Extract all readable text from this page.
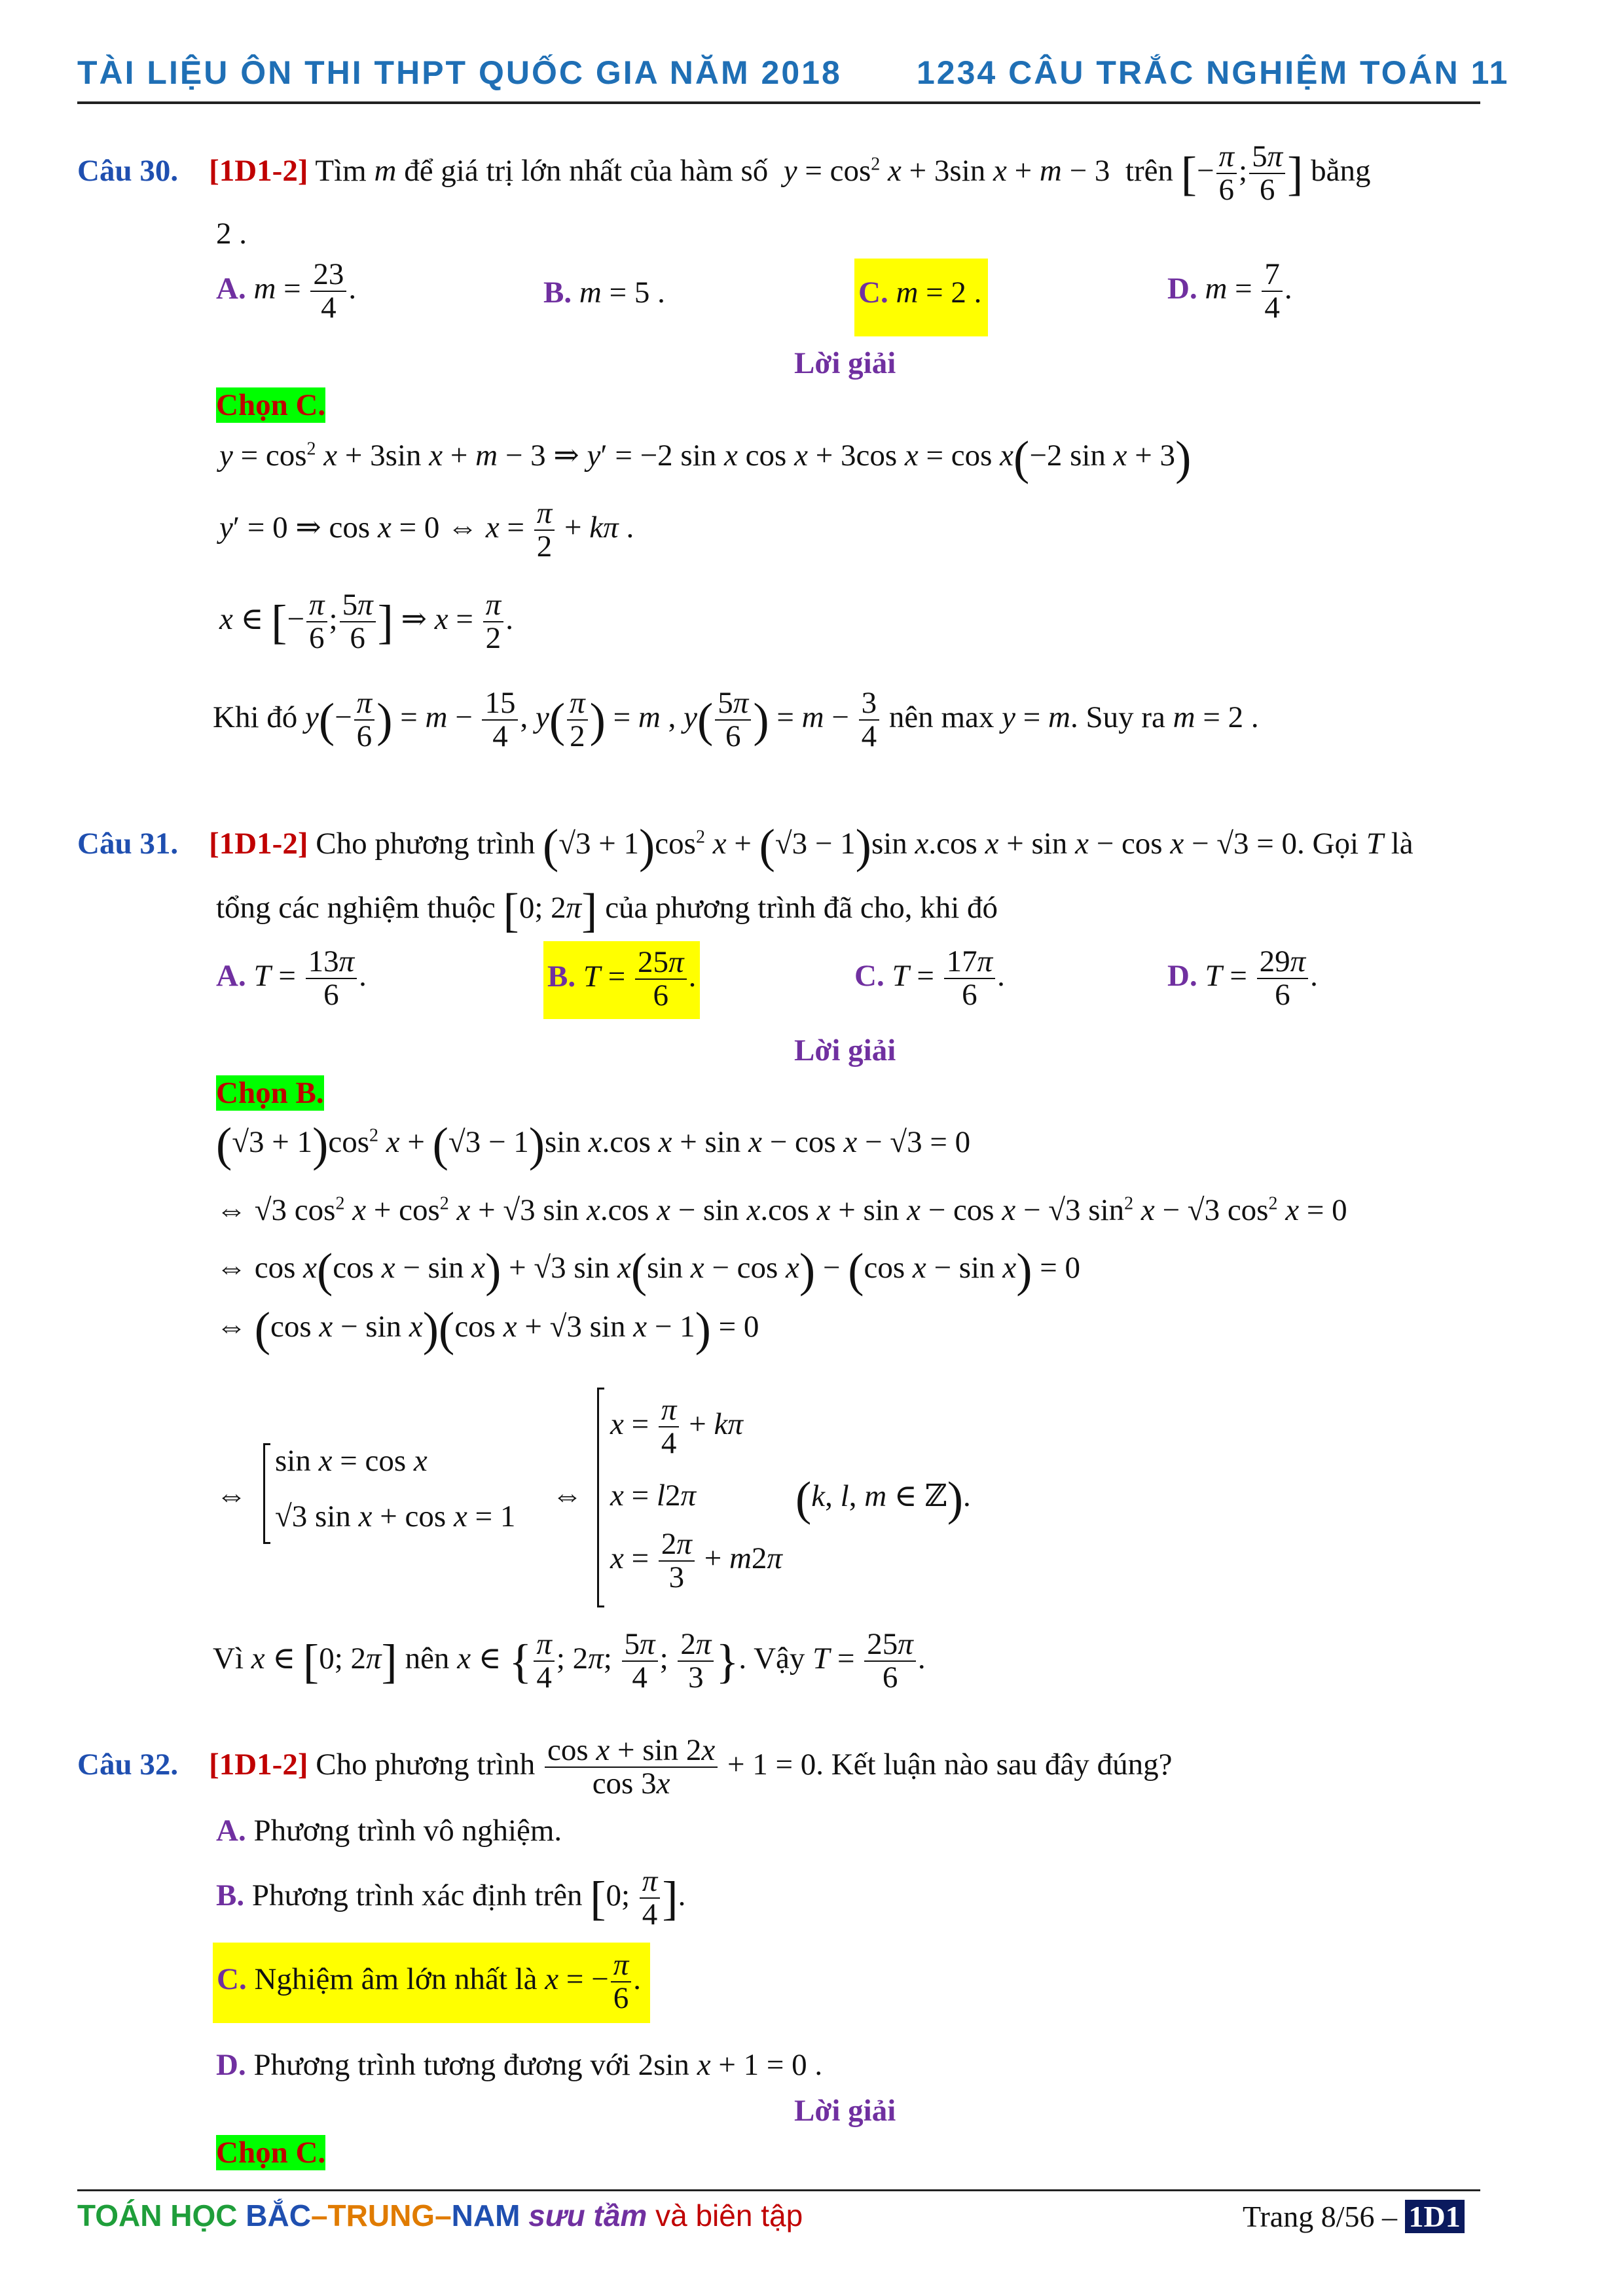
TÀI LIỆU ÔN THI THPT QUỐC GIA NĂM 2018 1234 CÂU TRẮC NGHIỆM TOÁN 11
Câu 30. [1D1-2] Tìm m để giá trị lớn nhất của hàm số $y = \cos^2 x + 3\sin$ x + m − 3  trên [− $\frac{\pi}{6}$ ; $\frac{5\pi}{6}$ ] bằng
2 .
A. $m = \frac{23}{4}$ .	B. m = 5 .	C. m = 2 .	D. $m = \frac{7}{4}$ .
Lời giải
Chọn C.
$y = \cos^2 x + 3\sin$ x + m − 3 ⇒ y′ = −2 sin x cos x + 3cos x = cos x(−2 sin x + 3)
y′ = 0 ⇒ cos x = 0 ⇔ $x = \frac{\pi}{2} + k\pi$ .
x ∈ [− $\frac{\pi}{6}$ ; $\frac{5\pi}{6}$ ] ⇒ $x = \frac{\pi}{2}$ .
Khi đó $y(- \frac{\pi}{6}$ ) = $m - \frac{15}{4}$ , $y( \frac{\pi}{2}$ ) = m , $y( \frac{5\pi}{6}$ ) = $m - \frac{3}{4}$ nên max y = m. Suy ra m = 2 .
Câu 31. [1D1-2] Cho phương trình $(√3 + 1)\cos^2$ x + (√3 − 1)sin x.cos x + sin x − cos x − √3 = 0. Gọi T là
tổng các nghiệm thuộc [0; 2π] của phương trình đã cho, khi đó
A. $T = \frac{13\pi}{6}$ .	B. $T = \frac{25\pi}{6}$ .	C. $T = \frac{17\pi}{6}$ .	D. $T = \frac{29\pi}{6}$ .
Lời giải
Chọn B.
$(√3 + 1)\cos^2$ x + (√3 − 1)sin x.cos x + sin x − cos x − √3 = 0
⇔ √3 $\cos^2 x + \cos^2 x + √3$ sin x.cos x − sin x.cos x + sin x − cos x − √3 $\sin^2 x - √3$ $\cos^2 x = 0$
⇔ cos x(cos x − sin x) + √3 sin x(sin x − cos x) − (cos x − sin x) = 0
⇔ (cos x − sin x)(cos x + √3 sin x − 1) = 0
⇔
sin x = cos x
√3 sin x + cos x = 1
⇔
$x = \frac{\pi}{4} + k\pi$
x = l2π
$x = \frac{2\pi}{3} + m2\pi$
(k, l, m ∈ ℤ).
Vì x ∈ [0; 2π] nên x ∈ { $\frac{\pi}{4}$ ; 2π; $\frac{5\pi}{4}$ ; $\frac{2\pi}{3}$ }. Vậy $T = \frac{25\pi}{6}$ .
Câu 32. [1D1-2] Cho phương trình $\frac{\text{cos x + sin 2x}}{\cos 3x} + 1 = 0$. Kết luận nào sau đây đúng?
A. Phương trình vô nghiệm.
B. Phương trình xác định trên [0; $\frac{\pi}{4}$ ].
C. Nghiệm âm lớn nhất là x = − $\frac{\pi}{6}$ .
D. Phương trình tương đương với 2sin x + 1 = 0 .
Lời giải
Chọn C.
TOÁN HỌC BẮC–TRUNG–NAM sưu tầm và biên tập	Trang 8/56 – 1D1
